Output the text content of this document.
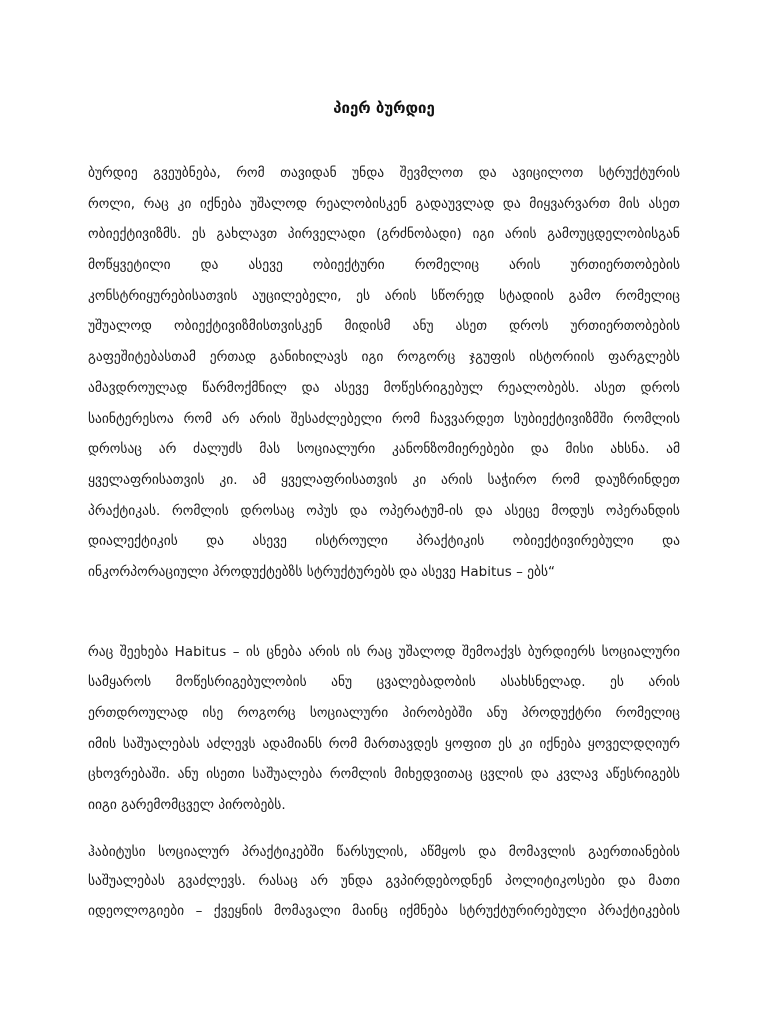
პიერ ბურდიე
ბურდიე გვეუბნება, რომ თავიდან უნდა შევმლოთ და ავიცილოთ სტრუქტურის
როლი, რაც კი იქნება უშალოდ რეალობისკენ გადაუვლად და მიყვარვართ მის ასეთ
ობიექტივიზმს. ეს გახლავთ პირველადი (გრძნობადი) იგი არის გამოუცდელობისგან
მოწყვეტილი და ასევე ობიექტური რომელიც არის ურთიერთობების
კონსტრიყურებისათვის აუცილებელი, ეს არის სწორედ სტადიის გამო რომელიც
უშუალოდ ობიექტივიზმისთვისკენ მიდისმ ანუ ასეთ დროს ურთიერთობების
გაფეშიტებასთამ ერთად განიხილავს იგი როგორც ჯგუფის ისტორიის ფარგლებს
ამავდროულად წარმოქმნილ და ასევე მოწესრიგებულ რეალობებს. ასეთ დროს
საინტერესოა რომ არ არის შესაძლებელი რომ ჩავვარდეთ სუბიექტივიზმში რომლის
დროსაც არ ძალუძს მას სოციალური კანონზომიერებები და მისი ახსნა. ამ
ყველაფრისათვის კი. ამ ყველაფრისათვის კი არის საჭირო რომ დაუზრინდეთ
პრაქტიკას. რომლის დროსაც ოპუს და ოპერატუმ-ის და ასეცე მოდუს ოპერანდის
დიალექტიკის და ასევე ისტროული პრაქტიკის ობიექტივირებული და
ინკორპორაციული პროდუქტებზს სტრუქტურებს და ასევე Habitus – ებს“
რაც შეეხება Habitus – ის ცნება არის ის რაც უშალოდ შემოაქვს ბურდიერს სოციალური
სამყაროს მოწესრიგებულობის ანუ ცვალებადობის ასახსნელად. ეს არის
ერთდროულად ისე როგორც სოციალური პირობებში ანუ პროდუქტრი რომელიც
იმის საშუალებას აძლევს ადამიანს რომ მართავდეს ყოფით ეს კი იქნება ყოველდღიურ
ცხოვრებაში. ანუ ისეთი საშუალება რომლის მიხედვითაც ცვლის და კვლავ აწესრიგებს
იიგი გარემომცველ პირობებს.
ჰაბიტუსი სოციალურ პრაქტიკებში წარსულის, აწმყოს და მომავლის გაერთიანების
საშუალებას გვაძლევს. რასაც არ უნდა გვპირდებოდნენ პოლიტიკოსები და მათი
იდეოლოგიები – ქვეყნის მომავალი მაინც იქმნება სტრუქტურირებული პრაქტიკების
